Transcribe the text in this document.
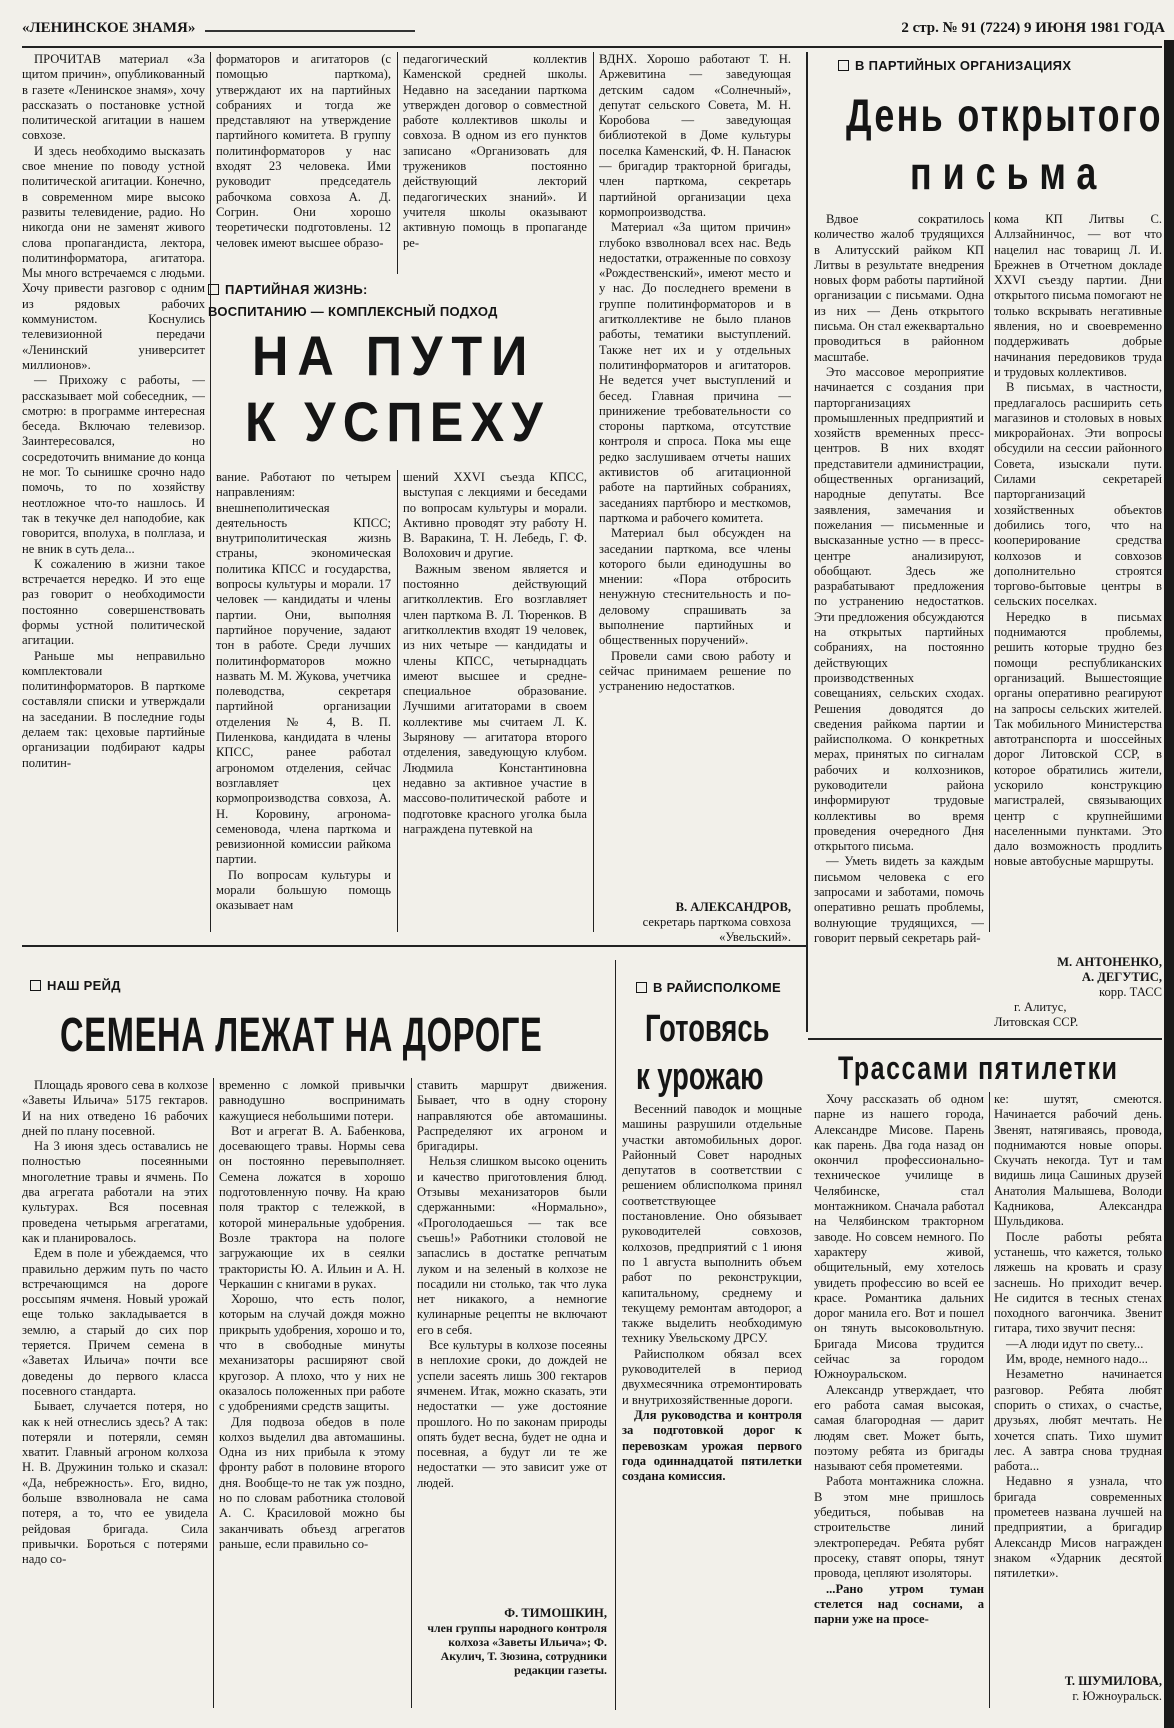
«ЛЕНИНСКОЕ ЗНАМЯ»	2 стр. № 91 (7224) 9 ИЮНЯ 1981 ГОДА

ПРОЧИТАВ материал «За щитом причин», опубликованный в газете «Ленинское знамя», хочу рассказать о постановке устной политической агитации в нашем совхозе.

И здесь необходимо высказать свое мнение по поводу устной политической агитации. Конечно, в современном мире высоко развиты телевидение, радио. Но никогда они не заменят живого слова пропагандиста, лектора, политинформатора, агитатора. Мы много встречаемся с людьми. Хочу привести разговор с одним из рядовых рабочих коммунистом. Коснулись телевизионной передачи «Ленинский университет миллионов».

— Прихожу с работы, — рассказывает мой собеседник, — смотрю: в программе интересная беседа. Включаю телевизор. Заинтересовался, но сосредоточить внимание до конца не мог. То сынишке срочно надо помочь, то по хозяйству неотложное что-то нашлось. И так в текучке дел наподобие, как говорится, вполуха, в полглаза, и не вник в суть дела...

К сожалению в жизни такое встречается нередко. И это еще раз говорит о необходимости постоянно совершенствовать формы устной политической агитации.

Раньше мы неправильно комплектовали политинформаторов. В парткоме составляли списки и утверждали на заседании. В последние годы делаем так: цеховые партийные организации подбирают кадры политин-

форматоров и агитаторов (с помощью парткома), утверждают их на партийных собраниях и тогда же представляют на утверждение партийного комитета. В группу политинформаторов у нас входят 23 человека. Ими руководит председатель рабочкома совхоза А. Д. Согрин. Они хорошо теоретически подготовлены. 12 человек имеют высшее образо-

педагогический коллектив Каменской средней школы. Недавно на заседании парткома утвержден договор о совместной работе коллективов школы и совхоза. В одном из его пунктов записано «Организовать для тружеников постоянно действующий лекторий педагогических знаний». И учителя школы оказывают активную помощь в пропаганде ре-

ПАРТИЙНАЯ ЖИЗНЬ:
ВОСПИТАНИЮ — КОМПЛЕКСНЫЙ ПОДХОД
НА ПУТИ
К УСПЕХУ

вание. Работают по четырем направлениям: внешнеполитическая деятельность КПСС; внутриполитическая жизнь страны, экономическая политика КПСС и государства, вопросы культуры и морали. 17 человек — кандидаты и члены партии. Они, выполняя партийное поручение, задают тон в работе. Среди лучших политинформаторов можно назвать М. М. Жукова, учетчика полеводства, секретаря партийной организации отделения № 4, В. П. Пиленкова, кандидата в члены КПСС, ранее работал агрономом отделения, сейчас возглавляет цех кормопроизводства совхоза, А. Н. Коровину, агронома-семеновода, члена парткома и ревизионной комиссии райкома партии.

По вопросам культуры и морали большую помощь оказывает нам

шений XXVI съезда КПСС, выступая с лекциями и беседами по вопросам культуры и морали. Активно проводят эту работу Н. В. Варакина, Т. Н. Лебедь, Г. Ф. Волохович и другие.

Важным звеном является и постоянно действующий агитколлектив. Его возглавляет член парткома В. Л. Тюренков. В агитколлектив входят 19 человек, из них четыре — кандидаты и члены КПСС, четырнадцать имеют высшее и средне-специальное образование. Лучшими агитаторами в своем коллективе мы считаем Л. К. Зырянову — агитатора второго отделения, заведующую клубом. Людмила Константиновна недавно за активное участие в массово-политической работе и подготовке красного уголка была награждена путевкой на

ВДНХ. Хорошо работают Т. Н. Аржевитина — заведующая детским садом «Солнечный», депутат сельского Совета, М. Н. Коробова — заведующая библиотекой в Доме культуры поселка Каменский, Ф. Н. Панасюк — бригадир тракторной бригады, член парткома, секретарь партийной организации цеха кормопроизводства.

Материал «За щитом причин» глубоко взволновал всех нас. Ведь недостатки, отраженные по совхозу «Рождественский», имеют место и у нас. До последнего времени в группе политинформаторов и в агитколлективе не было планов работы, тематики выступлений. Также нет их и у отдельных политинформаторов и агитаторов. Не ведется учет выступлений и бесед. Главная причина — принижение требовательности со стороны парткома, отсутствие контроля и спроса. Пока мы еще редко заслушиваем отчеты наших активистов об агитационной работе на партийных собраниях, заседаниях партбюро и месткомов, парткома и рабочего комитета.

Материал был обсужден на заседании парткома, все члены которого были единодушны во мнении: «Пора отбросить ненужную стеснительность и по-деловому спрашивать за выполнение партийных и общественных поручений».

Провели сами свою работу и сейчас принимаем решение по устранению недостатков.

В. АЛЕКСАНДРОВ,
секретарь парткома совхоза «Увельский».
В ПАРТИЙНЫХ ОРГАНИЗАЦИЯХ
День открытого
письма

Вдвое сократилось количество жалоб трудящихся в Алитусский райком КП Литвы в результате внедрения новых форм работы партийной организации с письмами. Одна из них — День открытого письма. Он стал ежеквартально проводиться в районном масштабе.

Это массовое мероприятие начинается с создания при парторганизациях промышленных предприятий и хозяйств временных пресс-центров. В них входят представители администрации, общественных организаций, народные депутаты. Все заявления, замечания и пожелания — письменные и высказанные устно — в пресс-центре анализируют, обобщают. Здесь же разрабатывают предложения по устранению недостатков. Эти предложения обсуждаются на открытых партийных собраниях, на постоянно действующих производственных совещаниях, сельских сходах. Решения доводятся до сведения райкома партии и райисполкома. О конкретных мерах, принятых по сигналам рабочих и колхозников, руководители района информируют трудовые коллективы во время проведения очередного Дня открытого письма.

— Уметь видеть за каждым письмом человека с его запросами и заботами, помочь оперативно решать проблемы, волнующие трудящихся, — говорит первый секретарь рай-

кома КП Литвы С. Аллзайнинчос, — вот что нацелил нас товарищ Л. И. Брежнев в Отчетном докладе XXVI съезду партии. Дни открытого письма помогают не только вскрывать негативные явления, но и своевременно поддерживать добрые начинания передовиков труда и трудовых коллективов.

В письмах, в частности, предлагалось расширить сеть магазинов и столовых в новых микрорайонах. Эти вопросы обсудили на сессии районного Совета, изыскали пути. Силами секретарей парторганизаций хозяйственных объектов добились того, что на кооперирование средства колхозов и совхозов дополнительно строятся торгово-бытовые центры в сельских поселках.

Нередко в письмах поднимаются проблемы, решить которые трудно без помощи республиканских организаций. Вышестоящие органы оперативно реагируют на запросы сельских жителей. Так мобильного Министерства автотранспорта и шоссейных дорог Литовской ССР, в которое обратились жители, ускорило конструкцию магистралей, связывающих центр с крупнейшими населенными пунктами. Это дало возможность продлить новые автобусные маршруты.

М. АНТОНЕНКО,
А. ДЕГУТИС,
корр. ТАСС
г. Алитус,
Литовская ССР.
НАШ РЕЙД
СЕМЕНА ЛЕЖАТ НА ДОРОГЕ

Площадь ярового сева в колхозе «Заветы Ильича» 5175 гектаров. И на них отведено 16 рабочих дней по плану посевной.

На 3 июня здесь оставались не полностью посеянными многолетние травы и ячмень. По два агрегата работали на этих культурах. Вся посевная проведена четырьмя агрегатами, как и планировалось.

Едем в поле и убеждаемся, что правильно держим путь по часто встречающимся на дороге россыпям ячменя. Новый урожай еще только закладывается в землю, а старый до сих пор теряется. Причем семена в «Заветах Ильича» почти все доведены до первого класса посевного стандарта.

Бывает, случается потеря, но как к ней отнеслись здесь? А так: потеряли и потеряли, семян хватит. Главный агроном колхоза Н. В. Дружинин только и сказал: «Да, небрежность». Его, видно, больше взволновала не сама потеря, а то, что ее увидела рейдовая бригада. Сила привычки. Бороться с потерями надо со-

временно с ломкой привычки равнодушно воспринимать кажущиеся небольшими потери.

Вот и агрегат В. А. Бабенкова, досевающего травы. Нормы сева он постоянно перевыполняет. Семена ложатся в хорошо подготовленную почву. На краю поля трактор с тележкой, в которой минеральные удобрения. Возле трактора на пологе загружающие их в сеялки трактористы Ю. А. Ильин и А. Н. Черкашин с книгами в руках.

Хорошо, что есть полог, которым на случай дождя можно прикрыть удобрения, хорошо и то, что в свободные минуты механизаторы расширяют свой кругозор. А плохо, что у них не оказалось положенных при работе с удобрениями средств защиты.

Для подвоза обедов в поле колхоз выделил два автомашины. Одна из них прибыла к этому фронту работ в половине второго дня. Вообще-то не так уж поздно, но по словам работника столовой А. С. Красиловой можно бы заканчивать объезд агрегатов раньше, если правильно со-

ставить маршрут движения. Бывает, что в одну сторону направляются обе автомашины. Распределяют их агроном и бригадиры.

Нельзя слишком высоко оценить и качество приготовления блюд. Отзывы механизаторов были сдержанными: «Нормально», «Проголодаешься — так все съешь!» Работники столовой не запаслись в достатке репчатым луком и на зеленый в колхозе не посадили ни столько, так что лука нет никакого, а немногие кулинарные рецепты не включают его в себя.

Все культуры в колхозе посеяны в неплохие сроки, до дождей не успели засеять лишь 300 гектаров ячменем. Итак, можно сказать, эти недостатки — уже достояние прошлого. Но по законам природы опять будет весна, будет не одна и посевная, а будут ли те же недостатки — это зависит уже от людей.

Ф. ТИМОШКИН,
член группы народного контроля колхоза «Заветы Ильича»; Ф. Акулич, Т. Зюзина, сотрудники редакции газеты.
В РАЙИСПОЛКОМЕ
Готовясь
к урожаю

Весенний паводок и мощные машины разрушили отдельные участки автомобильных дорог. Районный Совет народных депутатов в соответствии с решением облисполкома принял соответствующее постановление. Оно обязывает руководителей совхозов, колхозов, предприятий с 1 июня по 1 августа выполнить объем работ по реконструкции, капитальному, среднему и текущему ремонтам автодорог, а также выделить необходимую технику Увельскому ДРСУ.

Райисполком обязал всех руководителей в период двухмесячника отремонтировать и внутрихозяйственные дороги.

Для руководства и контроля за подготовкой дорог к перевозкам урожая первого года одиннадцатой пятилетки создана комиссия.

Трассами пятилетки

Хочу рассказать об одном парне из нашего города, Александре Мисове. Парень как парень. Два года назад он окончил профессионально-техническое училище в Челябинске, стал монтажником. Сначала работал на Челябинском тракторном заводе. Но совсем немного. По характеру живой, общительный, ему хотелось увидеть профессию во всей ее красе. Романтика дальних дорог манила его. Вот и пошел он тянуть высоковольтную. Бригада Мисова трудится сейчас за городом Южноуральском.

Александр утверждает, что его работа самая высокая, самая благородная — дарит людям свет. Может быть, поэтому ребята из бригады называют себя прометеями.

Работа монтажника сложна. В этом мне пришлось убедиться, побывав на строительстве линий электропередач. Ребята рубят просеку, ставят опоры, тянут провода, цепляют изоляторы.

...Рано утром туман стелется над соснами, а парни уже на просе-

ке: шутят, смеются. Начинается рабочий день. Звенят, натягиваясь, провода, поднимаются новые опоры. Скучать некогда. Тут и там видишь лица Сашиных друзей Анатолия Малышева, Володи Кадникова, Александра Шульдикова.

После работы ребята устанешь, что кажется, только ляжешь на кровать и сразу заснешь. Но приходит вечер. Не сидится в тесных стенах походного вагончика. Звенит гитара, тихо звучит песня:

—А люди идут по свету...

Им, вроде, немного надо...

Незаметно начинается разговор. Ребята любят спорить о стихах, о счастье, друзьях, любят мечтать. Не хочется спать. Тихо шумит лес. А завтра снова трудная работа...

Недавно я узнала, что бригада современных прометеев названа лучшей на предприятии, а бригадир Александр Мисов награжден знаком «Ударник десятой пятилетки».

Т. ШУМИЛОВА,
г. Южноуральск.
